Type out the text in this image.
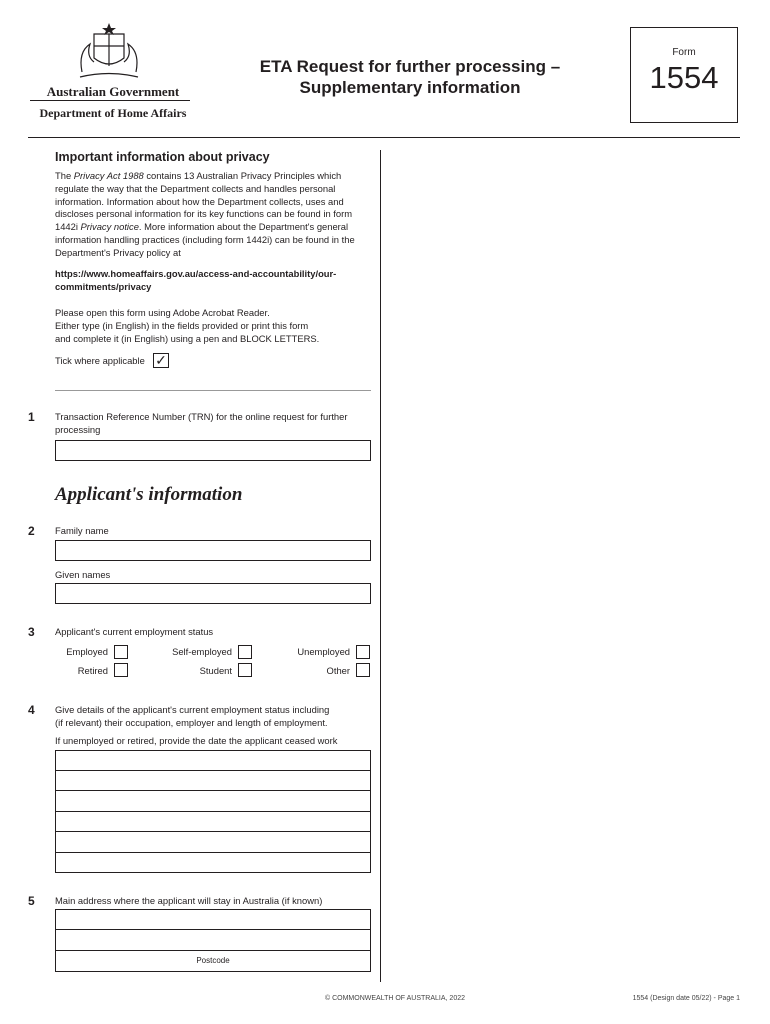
Australian Government
Department of Home Affairs
ETA Request for further processing –
Supplementary information
Form
1554
Important information about privacy
The Privacy Act 1988 contains 13 Australian Privacy Principles which regulate the way that the Department collects and handles personal information. Information about how the Department collects, uses and discloses personal information for its key functions can be found in form 1442i Privacy notice. More information about the Department's general information handling practices (including form 1442i) can be found in the Department's Privacy policy at
https://www.homeaffairs.gov.au/access-and-accountability/our-commitments/privacy
Please open this form using Adobe Acrobat Reader.
Either type (in English) in the fields provided or print this form
and complete it (in English) using a pen and BLOCK LETTERS.
Tick where applicable ✓
1 Transaction Reference Number (TRN) for the online request for further processing
Applicant's information
2 Family name
Given names
3 Applicant's current employment status
Employed	Self-employed	Unemployed
Retired	Student	Other
4 Give details of the applicant's current employment status including
(if relevant) their occupation, employer and length of employment.
If unemployed or retired, provide the date the applicant ceased work
5 Main address where the applicant will stay in Australia (if known)
Postcode
© COMMONWEALTH OF AUSTRALIA, 2022	1554 (Design date 05/22) - Page 1
